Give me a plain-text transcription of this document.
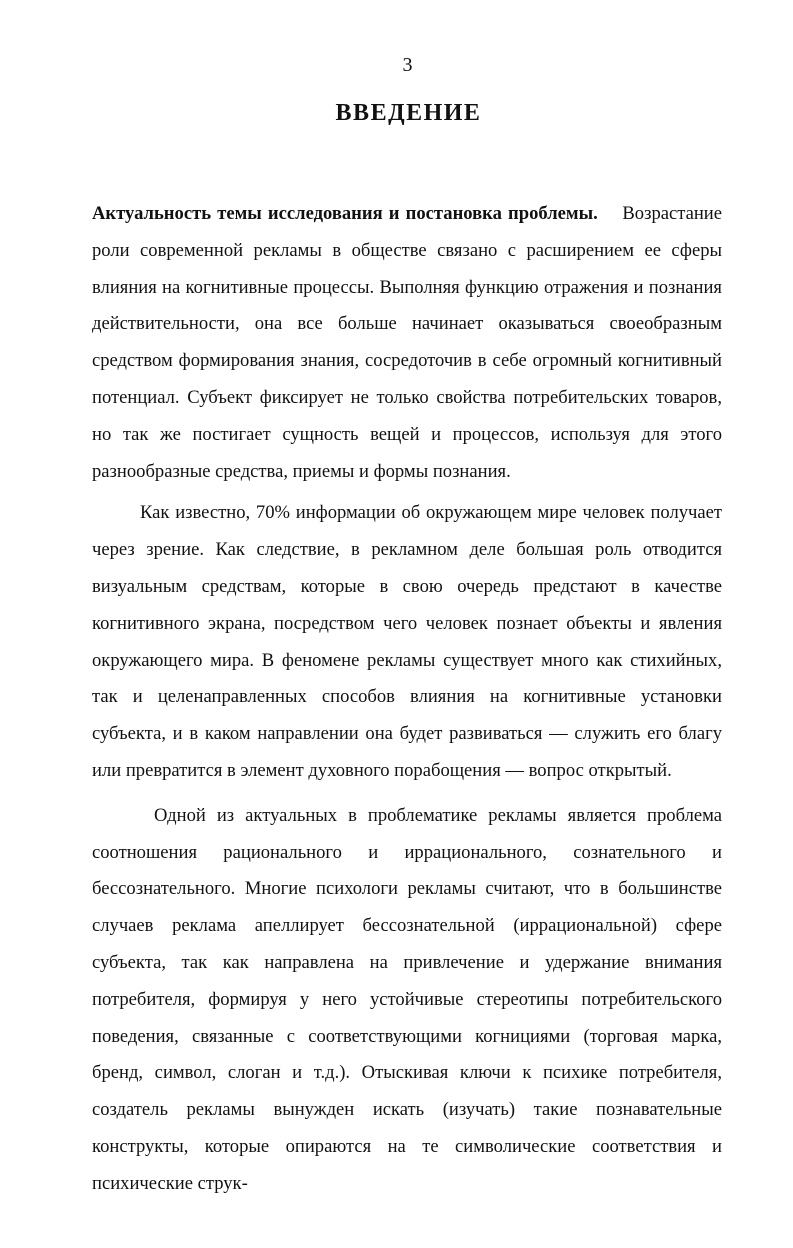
3
ВВЕДЕНИЕ

Актуальность темы исследования и постановка проблемы. Возрастание роли современной рекламы в обществе связано с расширением ее сферы влияния на когнитивные процессы. Выполняя функцию отражения и познания действительности, она все больше начинает оказываться своеобразным средством формирования знания, сосредоточив в себе огромный когнитивный потенциал. Субъект фиксирует не только свойства потребительских товаров, но так же постигает сущность вещей и процессов, используя для этого разнообразные средства, приемы и формы познания.

Как известно, 70% информации об окружающем мире человек получает через зрение. Как следствие, в рекламном деле большая роль отводится визуальным средствам, которые в свою очередь предстают в качестве когнитивного экрана, посредством чего человек познает объекты и явления окружающего мира. В феномене рекламы существует много как стихийных, так и целенаправленных способов влияния на когнитивные установки субъекта, и в каком направлении она будет развиваться — служить его благу или превратится в элемент духовного порабощения — вопрос открытый.

Одной из актуальных в проблематике рекламы является проблема соотношения рационального и иррационального, сознательного и бессознательного. Многие психологи рекламы считают, что в большинстве случаев реклама апеллирует бессознательной (иррациональной) сфере субъекта, так как направлена на привлечение и удержание внимания потребителя, формируя у него устойчивые стереотипы потребительского поведения, связанные с соответствующими когнициями (торговая марка, бренд, символ, слоган и т.д.). Отыскивая ключи к психике потребителя, создатель рекламы вынужден искать (изучать) такие познавательные конструкты, которые опираются на те символические соответствия и психические струк-
